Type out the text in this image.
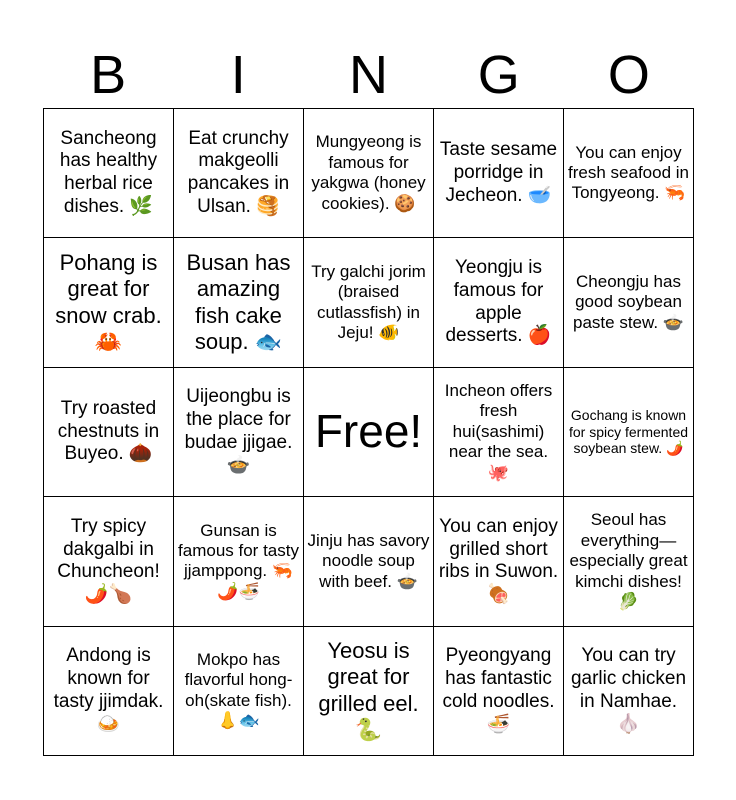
B	I	N	G	O
Sancheong has healthy herbal rice dishes. 🌿
Eat crunchy makgeolli pancakes in Ulsan. 🥞
Mungyeong is famous for yakgwa (honey cookies). 🍪
Taste sesame porridge in Jecheon. 🥣
You can enjoy fresh seafood in Tongyeong. 🦐
Pohang is great for snow crab. 🦀
Busan has amazing fish cake soup. 🐟
Try galchi jorim (braised cutlassfish) in Jeju! 🐠
Yeongju is famous for apple desserts. 🍎
Cheongju has good soybean paste stew. 🍲
Try roasted chestnuts in Buyeo. 🌰
Uijeongbu is the place for budae jjigae. 🍲
Free!
Incheon offers fresh hui(sashimi) near the sea. 🐙
Gochang is known for spicy fermented soybean stew. 🌶️
Try spicy dakgalbi in Chuncheon! 🌶️🍗
Gunsan is famous for tasty jjamppong. 🦐🌶️🍜
Jinju has savory noodle soup with beef. 🍲
You can enjoy grilled short ribs in Suwon. 🍖
Seoul has everything—especially great kimchi dishes! 🥬
Andong is known for tasty jjimdak. 🍛
Mokpo has flavorful hong-oh(skate fish). 👃🐟
Yeosu is great for grilled eel. 🐍
Pyeongyang has fantastic cold noodles. 🍜
You can try garlic chicken in Namhae. 🧄
